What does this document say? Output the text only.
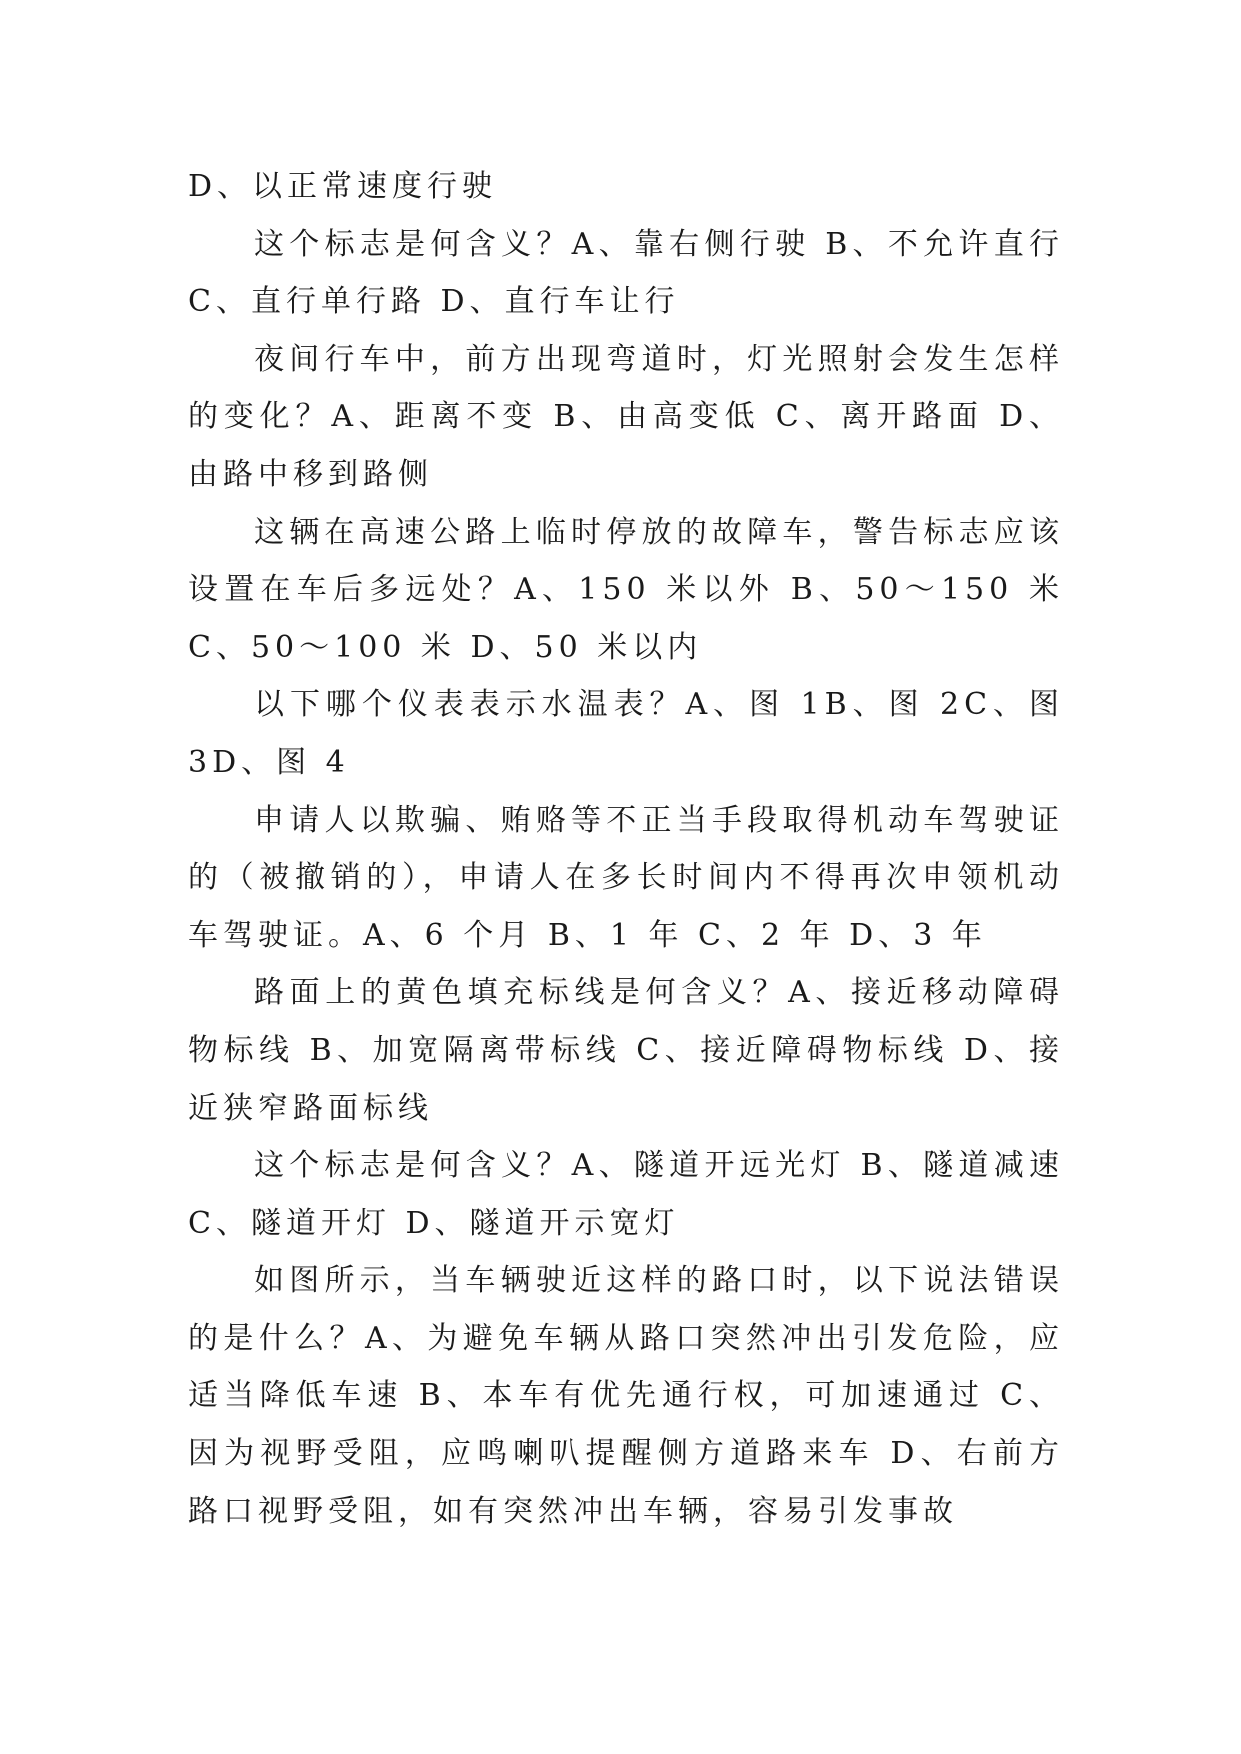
D、以正常速度行驶

这个标志是何含义？A、靠右侧行驶 B、不允许直行 C、直行单行路 D、直行车让行

夜间行车中，前方出现弯道时，灯光照射会发生怎样的变化？A、距离不变 B、由高变低 C、离开路面 D、由路中移到路侧

这辆在高速公路上临时停放的故障车，警告标志应该设置在车后多远处？A、150 米以外 B、50～150 米 C、50～100 米 D、50 米以内

以下哪个仪表表示水温表？A、图 1B、图 2C、图 3D、图 4

申请人以欺骗、贿赂等不正当手段取得机动车驾驶证的（被撤销的），申请人在多长时间内不得再次申领机动车驾驶证。A、6 个月 B、1 年 C、2 年 D、3 年

路面上的黄色填充标线是何含义？A、接近移动障碍物标线 B、加宽隔离带标线 C、接近障碍物标线 D、接近狭窄路面标线

这个标志是何含义？A、隧道开远光灯 B、隧道减速 C、隧道开灯 D、隧道开示宽灯

如图所示，当车辆驶近这样的路口时，以下说法错误的是什么？A、为避免车辆从路口突然冲出引发危险，应适当降低车速 B、本车有优先通行权，可加速通过 C、因为视野受阻，应鸣喇叭提醒侧方道路来车 D、右前方路口视野受阻，如有突然冲出车辆，容易引发事故
